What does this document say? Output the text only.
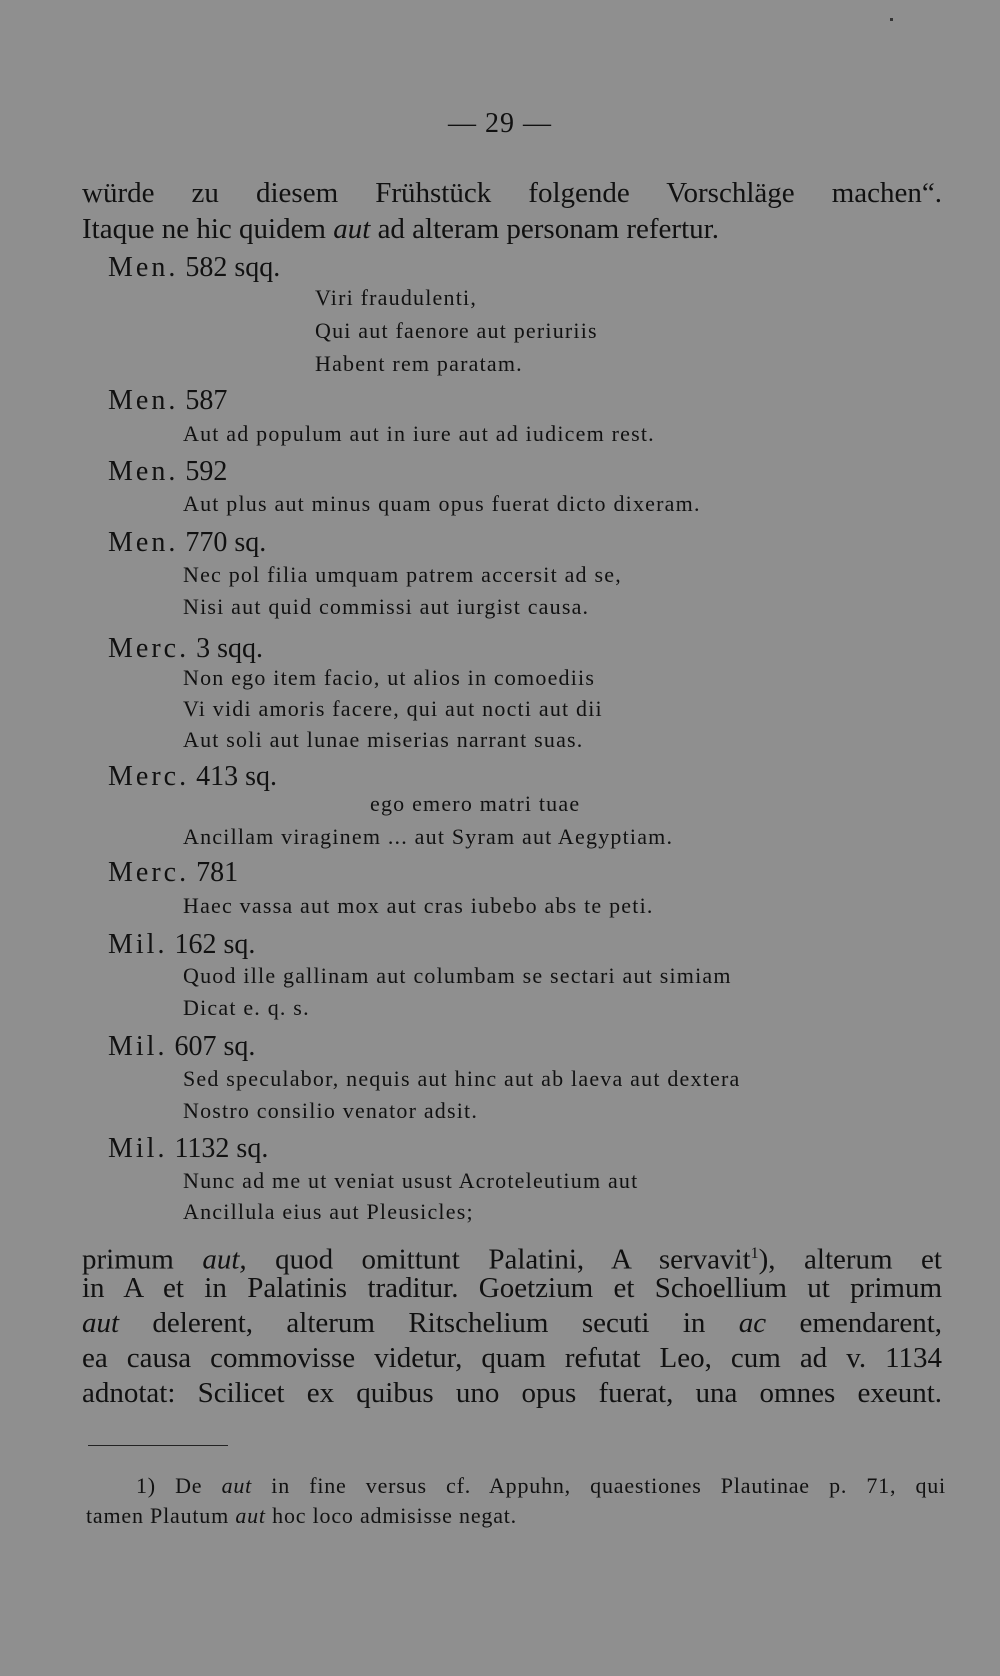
— 29 —
würde zu diesem Frühstück folgende Vorschläge machen“.
Itaque ne hic quidem aut ad alteram personam refertur.
Men. 582 sqq.
Viri fraudulenti,
Qui aut faenore aut periuriis
Habent rem paratam.
Men. 587
Aut ad populum aut in iure aut ad iudicem rest.
Men. 592
Aut plus aut minus quam opus fuerat dicto dixeram.
Men. 770 sq.
Nec pol filia umquam patrem accersit ad se,
Nisi aut quid commissi aut iurgist causa.
Merc. 3 sqq.
Non ego item facio, ut alios in comoediis
Vi vidi amoris facere, qui aut nocti aut dii
Aut soli aut lunae miserias narrant suas.
Merc. 413 sq.
ego emero matri tuae
Ancillam viraginem ... aut Syram aut Aegyptiam.
Merc. 781
Haec vassa aut mox aut cras iubebo abs te peti.
Mil. 162 sq.
Quod ille gallinam aut columbam se sectari aut simiam
Dicat e. q. s.
Mil. 607 sq.
Sed speculabor, nequis aut hinc aut ab laeva aut dextera
Nostro consilio venator adsit.
Mil. 1132 sq.
Nunc ad me ut veniat usust Acroteleutium aut
Ancillula eius aut Pleusicles;
primum aut, quod omittunt Palatini, A servavit$^1$), alterum et
in A et in Palatinis traditur. Goetzium et Schoellium ut primum
aut delerent, alterum Ritschelium secuti in ac emendarent,
ea causa commovisse videtur, quam refutat Leo, cum ad v. 1134
adnotat: Scilicet ex quibus uno opus fuerat, una omnes exeunt.
1) De aut in fine versus cf. Appuhn, quaestiones Plautinae p. 71, qui
tamen Plautum aut hoc loco admisisse negat.
